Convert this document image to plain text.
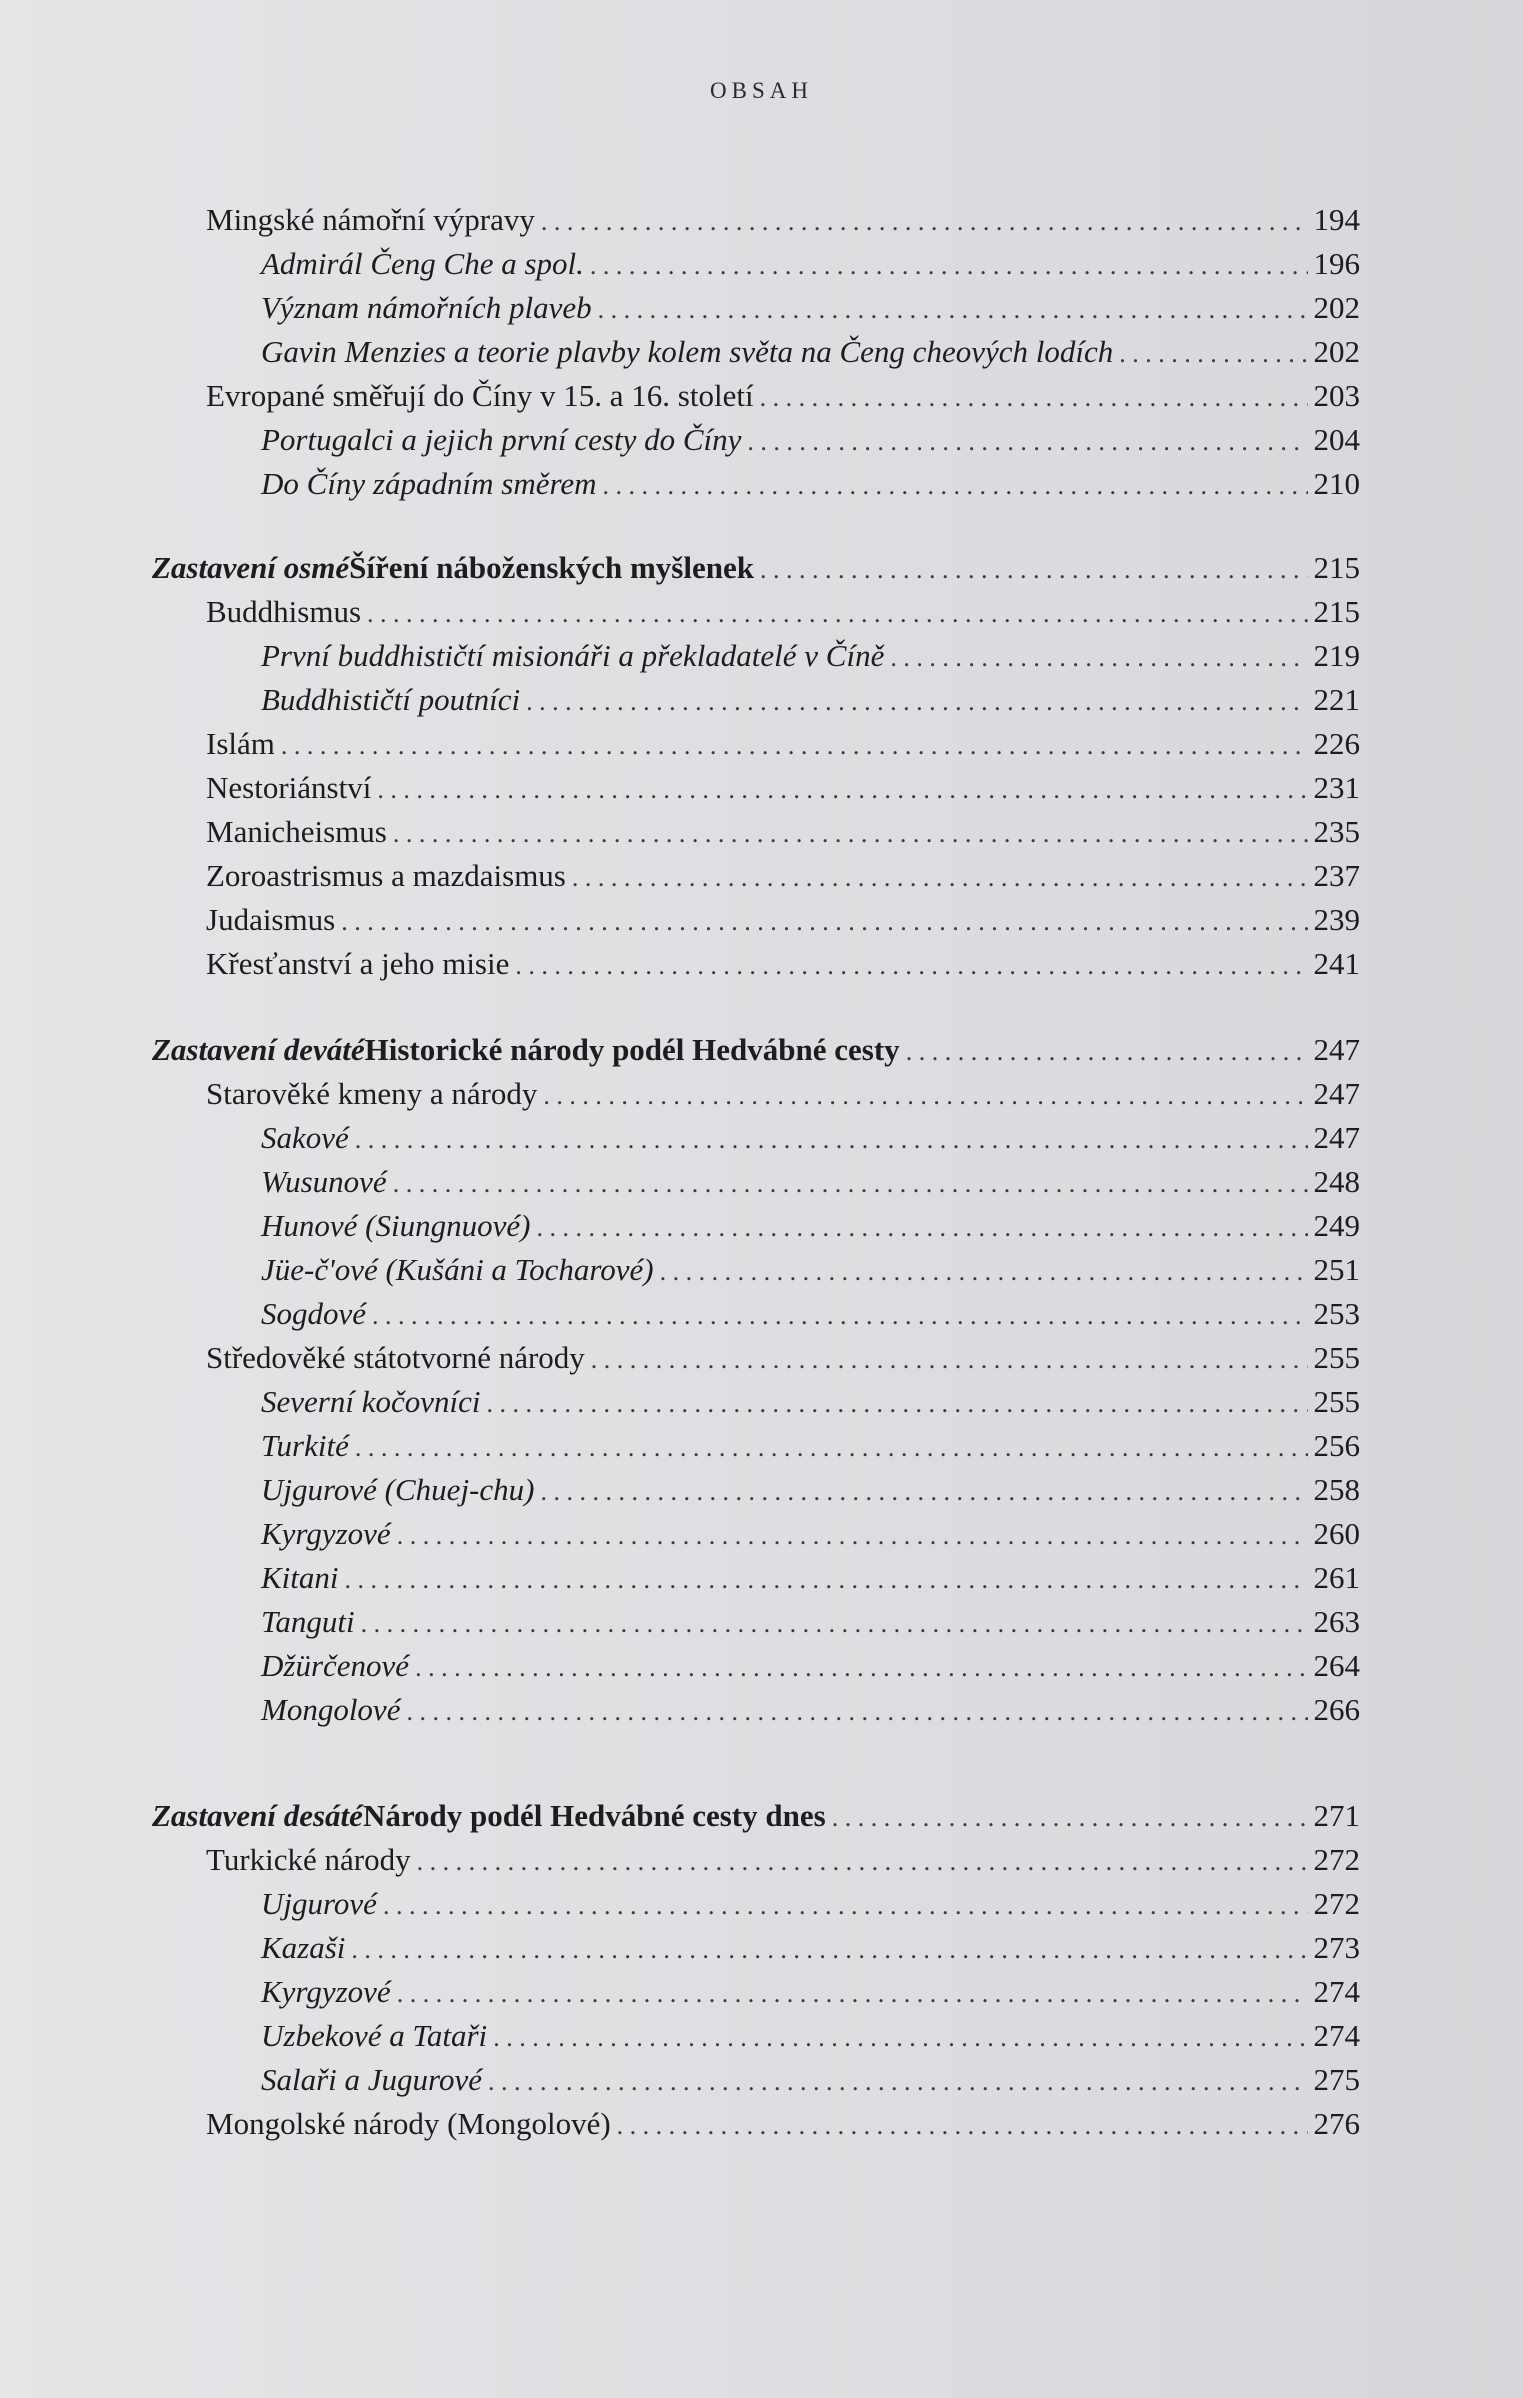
OBSAH
Mingské námořní výpravy . . .	194
Admirál Čeng Che a spol. . . .	196
Význam námořních plaveb . . .	202
Gavin Menzies a teorie plavby kolem světa na Čeng cheových lodích . . .	202
Evropané směřují do Číny v 15. a 16. století . . .	203
Portugalci a jejich první cesty do Číny . . .	204
Do Číny západním směrem . . .	210
Zastavení osmé Šíření náboženských myšlenek . . .	215
Buddhismus . . .	215
První buddhističtí misionáři a překladatelé v Číně . . .	219
Buddhističtí poutníci . . .	221
Islám . . .	226
Nestoriánství . . .	231
Manicheismus . . .	235
Zoroastrismus a mazdaismus . . .	237
Judaismus . . .	239
Křesťanství a jeho misie . . .	241
Zastavení deváté Historické národy podél Hedvábné cesty . . .	247
Starověké kmeny a národy . . .	247
Sakové . . .	247
Wusunové . . .	248
Hunové (Siungnuové) . . .	249
Jüe-č'ové (Kušáni a Tocharové) . . .	251
Sogdové . . .	253
Středověké státotvorné národy . . .	255
Severní kočovníci . . .	255
Turkité . . .	256
Ujgurové (Chuej-chu) . . .	258
Kyrgyzové . . .	260
Kitani . . .	261
Tanguti . . .	263
Džürčenové . . .	264
Mongolové . . .	266
Zastavení desáté Národy podél Hedvábné cesty dnes . . .	271
Turkické národy . . .	272
Ujgurové . . .	272
Kazaši . . .	273
Kyrgyzové . . .	274
Uzbekové a Tataři . . .	274
Salaři a Jugurové . . .	275
Mongolské národy (Mongolové) . . .	276
